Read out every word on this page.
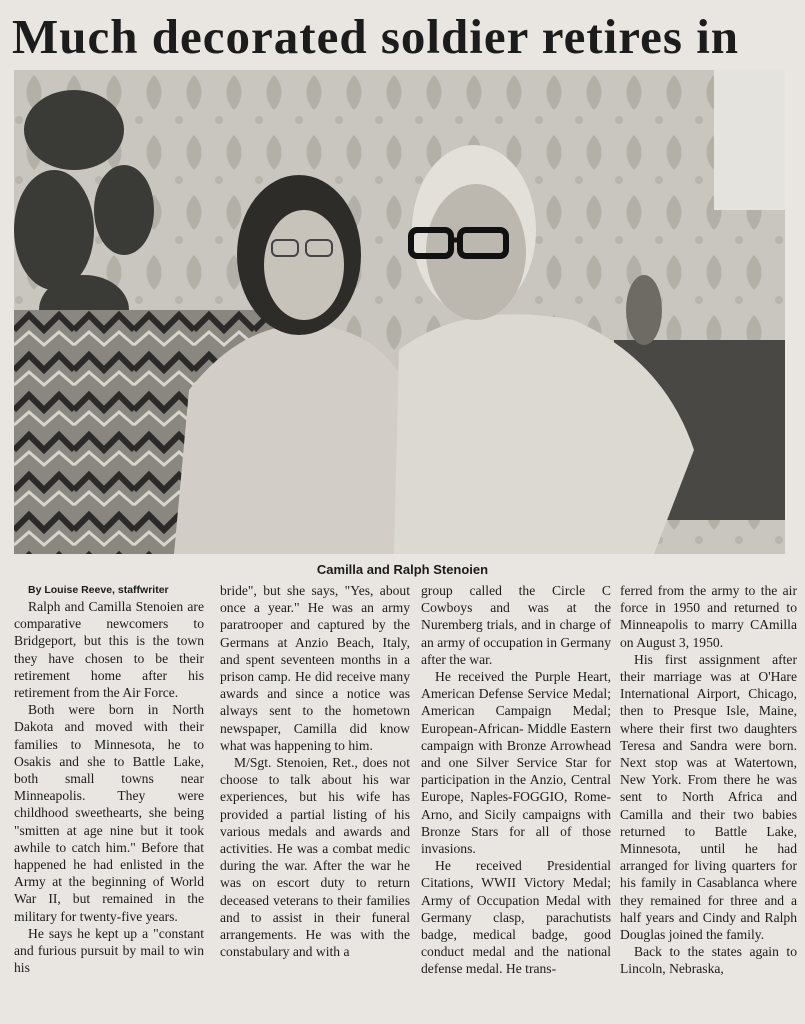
Much decorated soldier retires in
Camilla and Ralph Stenoien
By Louise Reeve, staffwriter

Ralph and Camilla Stenoien are comparative newcomers to Bridgeport, but this is the town they have chosen to be their retirement home after his retirement from the Air Force.

Both were born in North Dakota and moved with their families to Minnesota, he to Osakis and she to Battle Lake, both small towns near Minneapolis. They were childhood sweethearts, she being "smitten at age nine but it took awhile to catch him." Before that happened he had enlisted in the Army at the beginning of World War II, but remained in the military for twenty-five years.

He says he kept up a "constant and furious pursuit by mail to win his

bride", but she says, "Yes, about once a year." He was an army paratrooper and captured by the Germans at Anzio Beach, Italy, and spent seventeen months in a prison camp. He did receive many awards and since a notice was always sent to the hometown newspaper, Camilla did know what was happening to him.

M/Sgt. Stenoien, Ret., does not choose to talk about his war experiences, but his wife has provided a partial listing of his various medals and awards and activities. He was a combat medic during the war. After the war he was on escort duty to return deceased veterans to their families and to assist in their funeral arrangements. He was with the constabulary and with a

group called the Circle C Cowboys and was at the Nuremberg trials, and in charge of an army of occupation in Germany after the war.

He received the Purple Heart, American Defense Service Medal; American Campaign Medal; European-African- Middle Eastern campaign with Bronze Arrowhead and one Silver Service Star for participation in the Anzio, Central Europe, Naples-FOGGIO, Rome-Arno, and Sicily campaigns with Bronze Stars for all of those invasions.

He received Presidential Citations, WWII Victory Medal; Army of Occupation Medal with Germany clasp, parachutists badge, medical badge, good conduct medal and the national defense medal. He trans-

ferred from the army to the air force in 1950 and returned to Minneapolis to marry CAmilla on August 3, 1950.

His first assignment after their marriage was at O'Hare International Airport, Chicago, then to Presque Isle, Maine, where their first two daughters Teresa and Sandra were born. Next stop was at Watertown, New York. From there he was sent to North Africa and Camilla and their two babies returned to Battle Lake, Minnesota, until he had arranged for living quarters for his family in Casablanca where they remained for three and a half years and Cindy and Ralph Douglas joined the family.

Back to the states again to Lincoln, Nebraska,
